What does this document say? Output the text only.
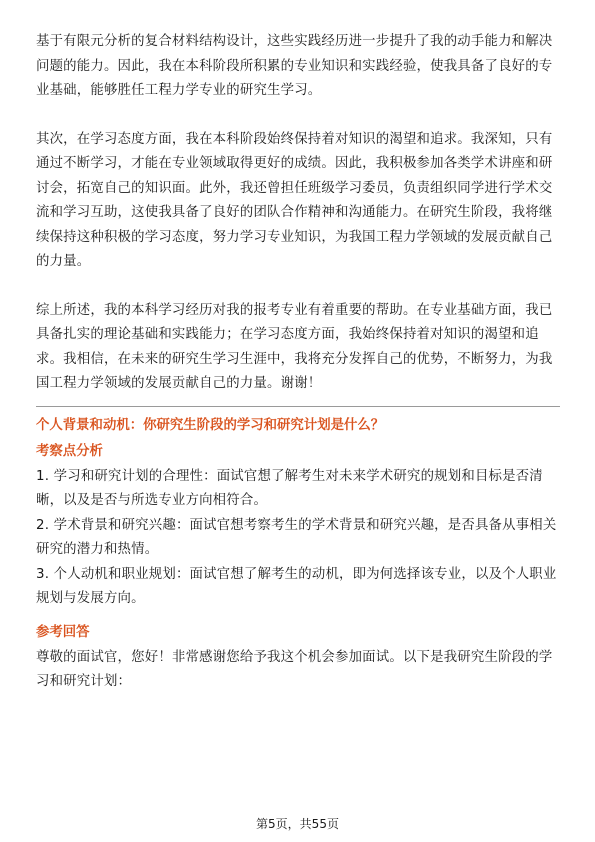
基于有限元分析的复合材料结构设计，这些实践经历进一步提升了我的动手能力和解决问题的能力。因此，我在本科阶段所积累的专业知识和实践经验，使我具备了良好的专业基础，能够胜任工程力学专业的研究生学习。

其次，在学习态度方面，我在本科阶段始终保持着对知识的渴望和追求。我深知，只有通过不断学习，才能在专业领域取得更好的成绩。因此，我积极参加各类学术讲座和研讨会，拓宽自己的知识面。此外，我还曾担任班级学习委员，负责组织同学进行学术交流和学习互助，这使我具备了良好的团队合作精神和沟通能力。在研究生阶段，我将继续保持这种积极的学习态度，努力学习专业知识，为我国工程力学领域的发展贡献自己的力量。

综上所述，我的本科学习经历对我的报考专业有着重要的帮助。在专业基础方面，我已具备扎实的理论基础和实践能力；在学习态度方面，我始终保持着对知识的渴望和追求。我相信，在未来的研究生学习生涯中，我将充分发挥自己的优势，不断努力，为我国工程力学领域的发展贡献自己的力量。谢谢！

个人背景和动机：你研究生阶段的学习和研究计划是什么？

考察点分析

1. 学习和研究计划的合理性：面试官想了解考生对未来学术研究的规划和目标是否清晰，以及是否与所选专业方向相符合。

2. 学术背景和研究兴趣：面试官想考察考生的学术背景和研究兴趣，是否具备从事相关研究的潜力和热情。

3. 个人动机和职业规划：面试官想了解考生的动机，即为何选择该专业，以及个人职业规划与发展方向。

参考回答

尊敬的面试官，您好！非常感谢您给予我这个机会参加面试。以下是我研究生阶段的学习和研究计划：

第5页，共55页
